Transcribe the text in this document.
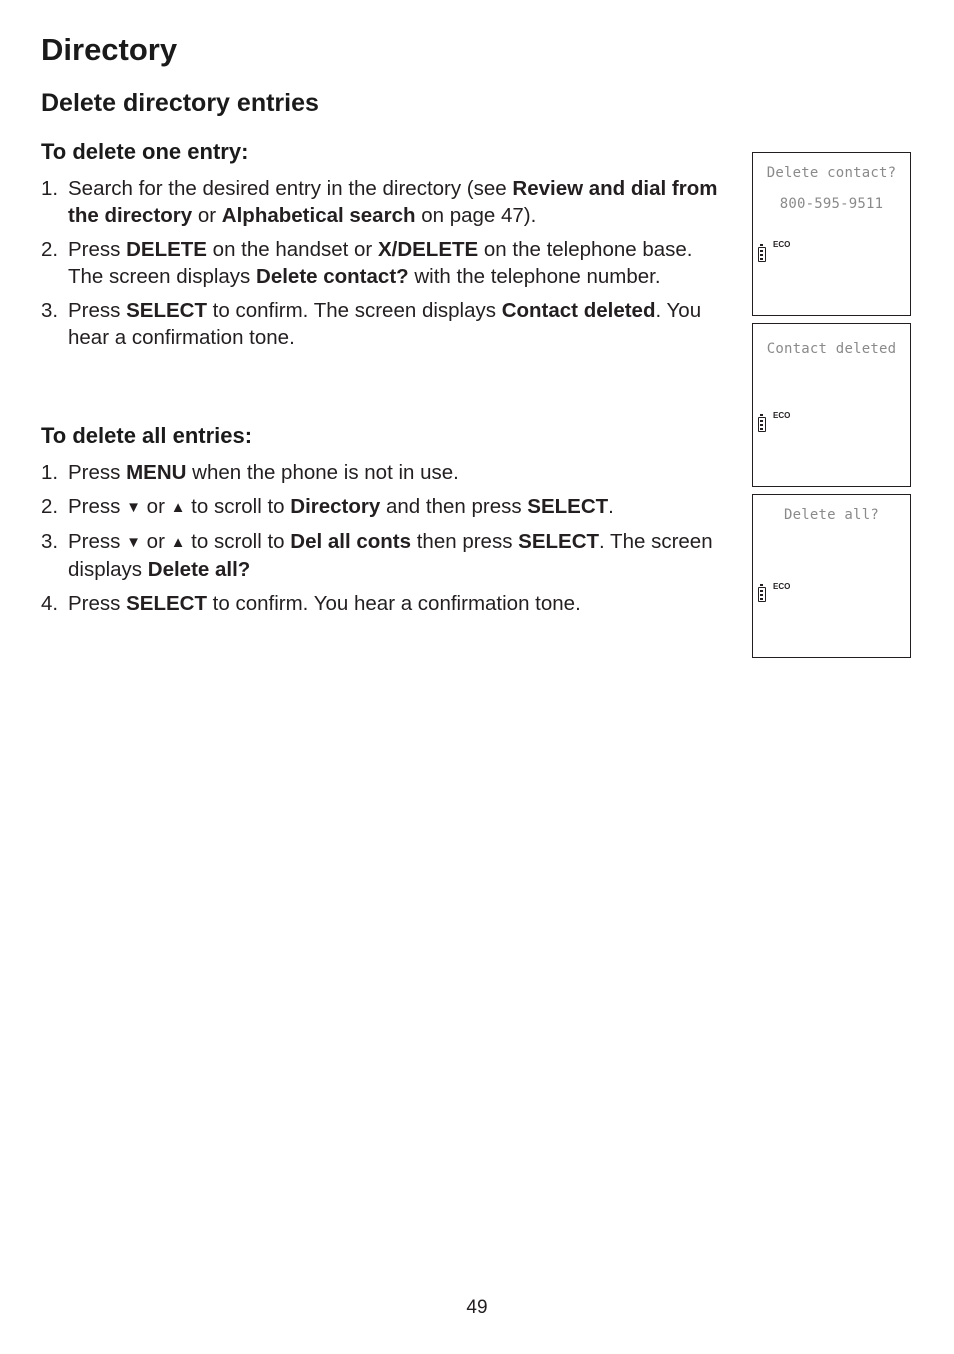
Directory
Delete directory entries
To delete one entry:
1. Search for the desired entry in the directory (see Review and dial from the directory or Alphabetical search on page 47).
2. Press DELETE on the handset or X/DELETE on the telephone base. The screen displays Delete contact? with the telephone number.
3. Press SELECT to confirm. The screen displays Contact deleted. You hear a confirmation tone.
To delete all entries:
1. Press MENU when the phone is not in use.
2. Press ▼ or ▲ to scroll to Directory and then press SELECT.
3. Press ▼ or ▲ to scroll to Del all conts then press SELECT. The screen displays Delete all?
4. Press SELECT to confirm. You hear a confirmation tone.
Delete contact?
800-595-9511
ECO
Contact deleted
ECO
Delete all?
ECO
49
